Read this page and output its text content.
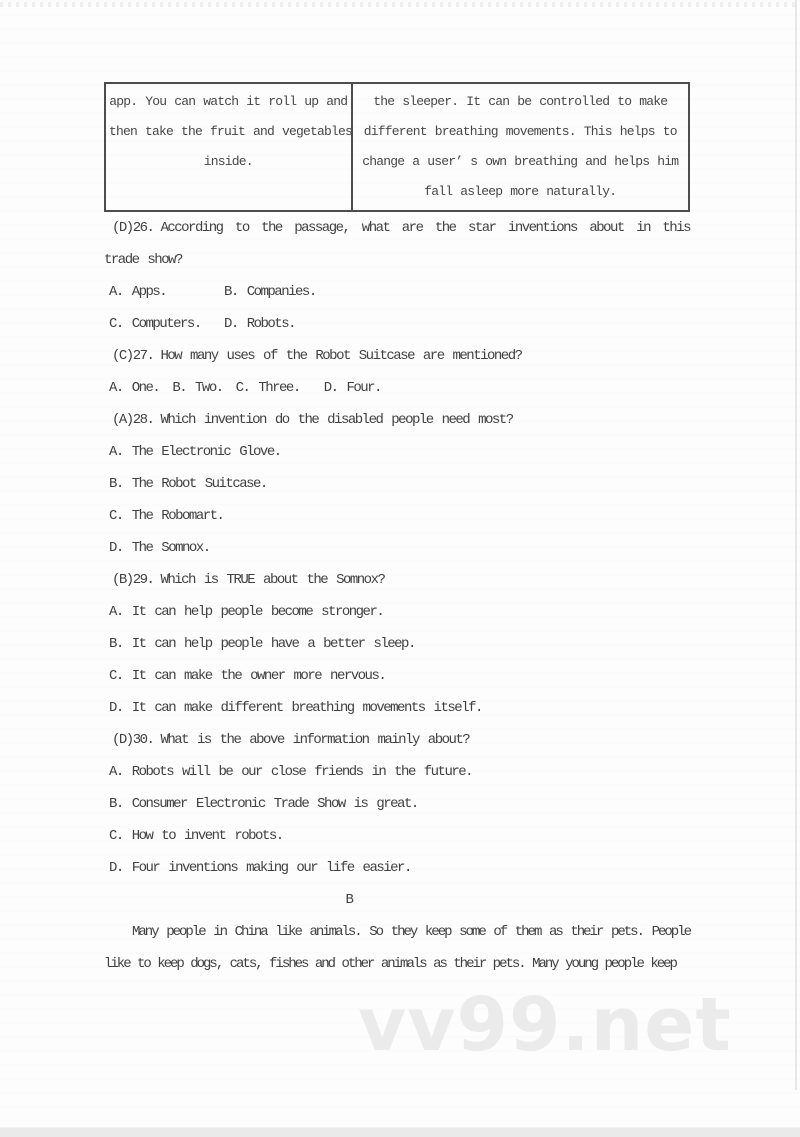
app. You can watch it roll up and
then take the fruit and vegetables
inside.

the sleeper. It can be controlled to make
different breathing movements. This helps to
change a user’ s own breathing and helps him
fall asleep more naturally.

(D)26. According to the passage, what are the star inventions about in this trade show?

A. Apps.	B. Companies.
C. Computers.	D. Robots.

(C)27. How many uses of the Robot Suitcase are mentioned?

A. One. B. Two. C. Three. D. Four.

(A)28. Which invention do the disabled people need most?

A. The Electronic Glove.

B. The Robot Suitcase.

C. The Robomart.

D. The Somnox.

(B)29. Which is TRUE about the Somnox?

A. It can help people become stronger.

B. It can help people have a better sleep.

C. It can make the owner more nervous.

D. It can make different breathing movements itself.

(D)30. What is the above information mainly about?

A. Robots will be our close friends in the future.

B. Consumer Electronic Trade Show is great.

C. How to invent robots.

D. Four inventions making our life easier.

B

Many people in China like animals. So they keep some of them as their pets. People like to keep dogs, cats, fishes and other animals as their pets. Many young people keep

vv99.net
